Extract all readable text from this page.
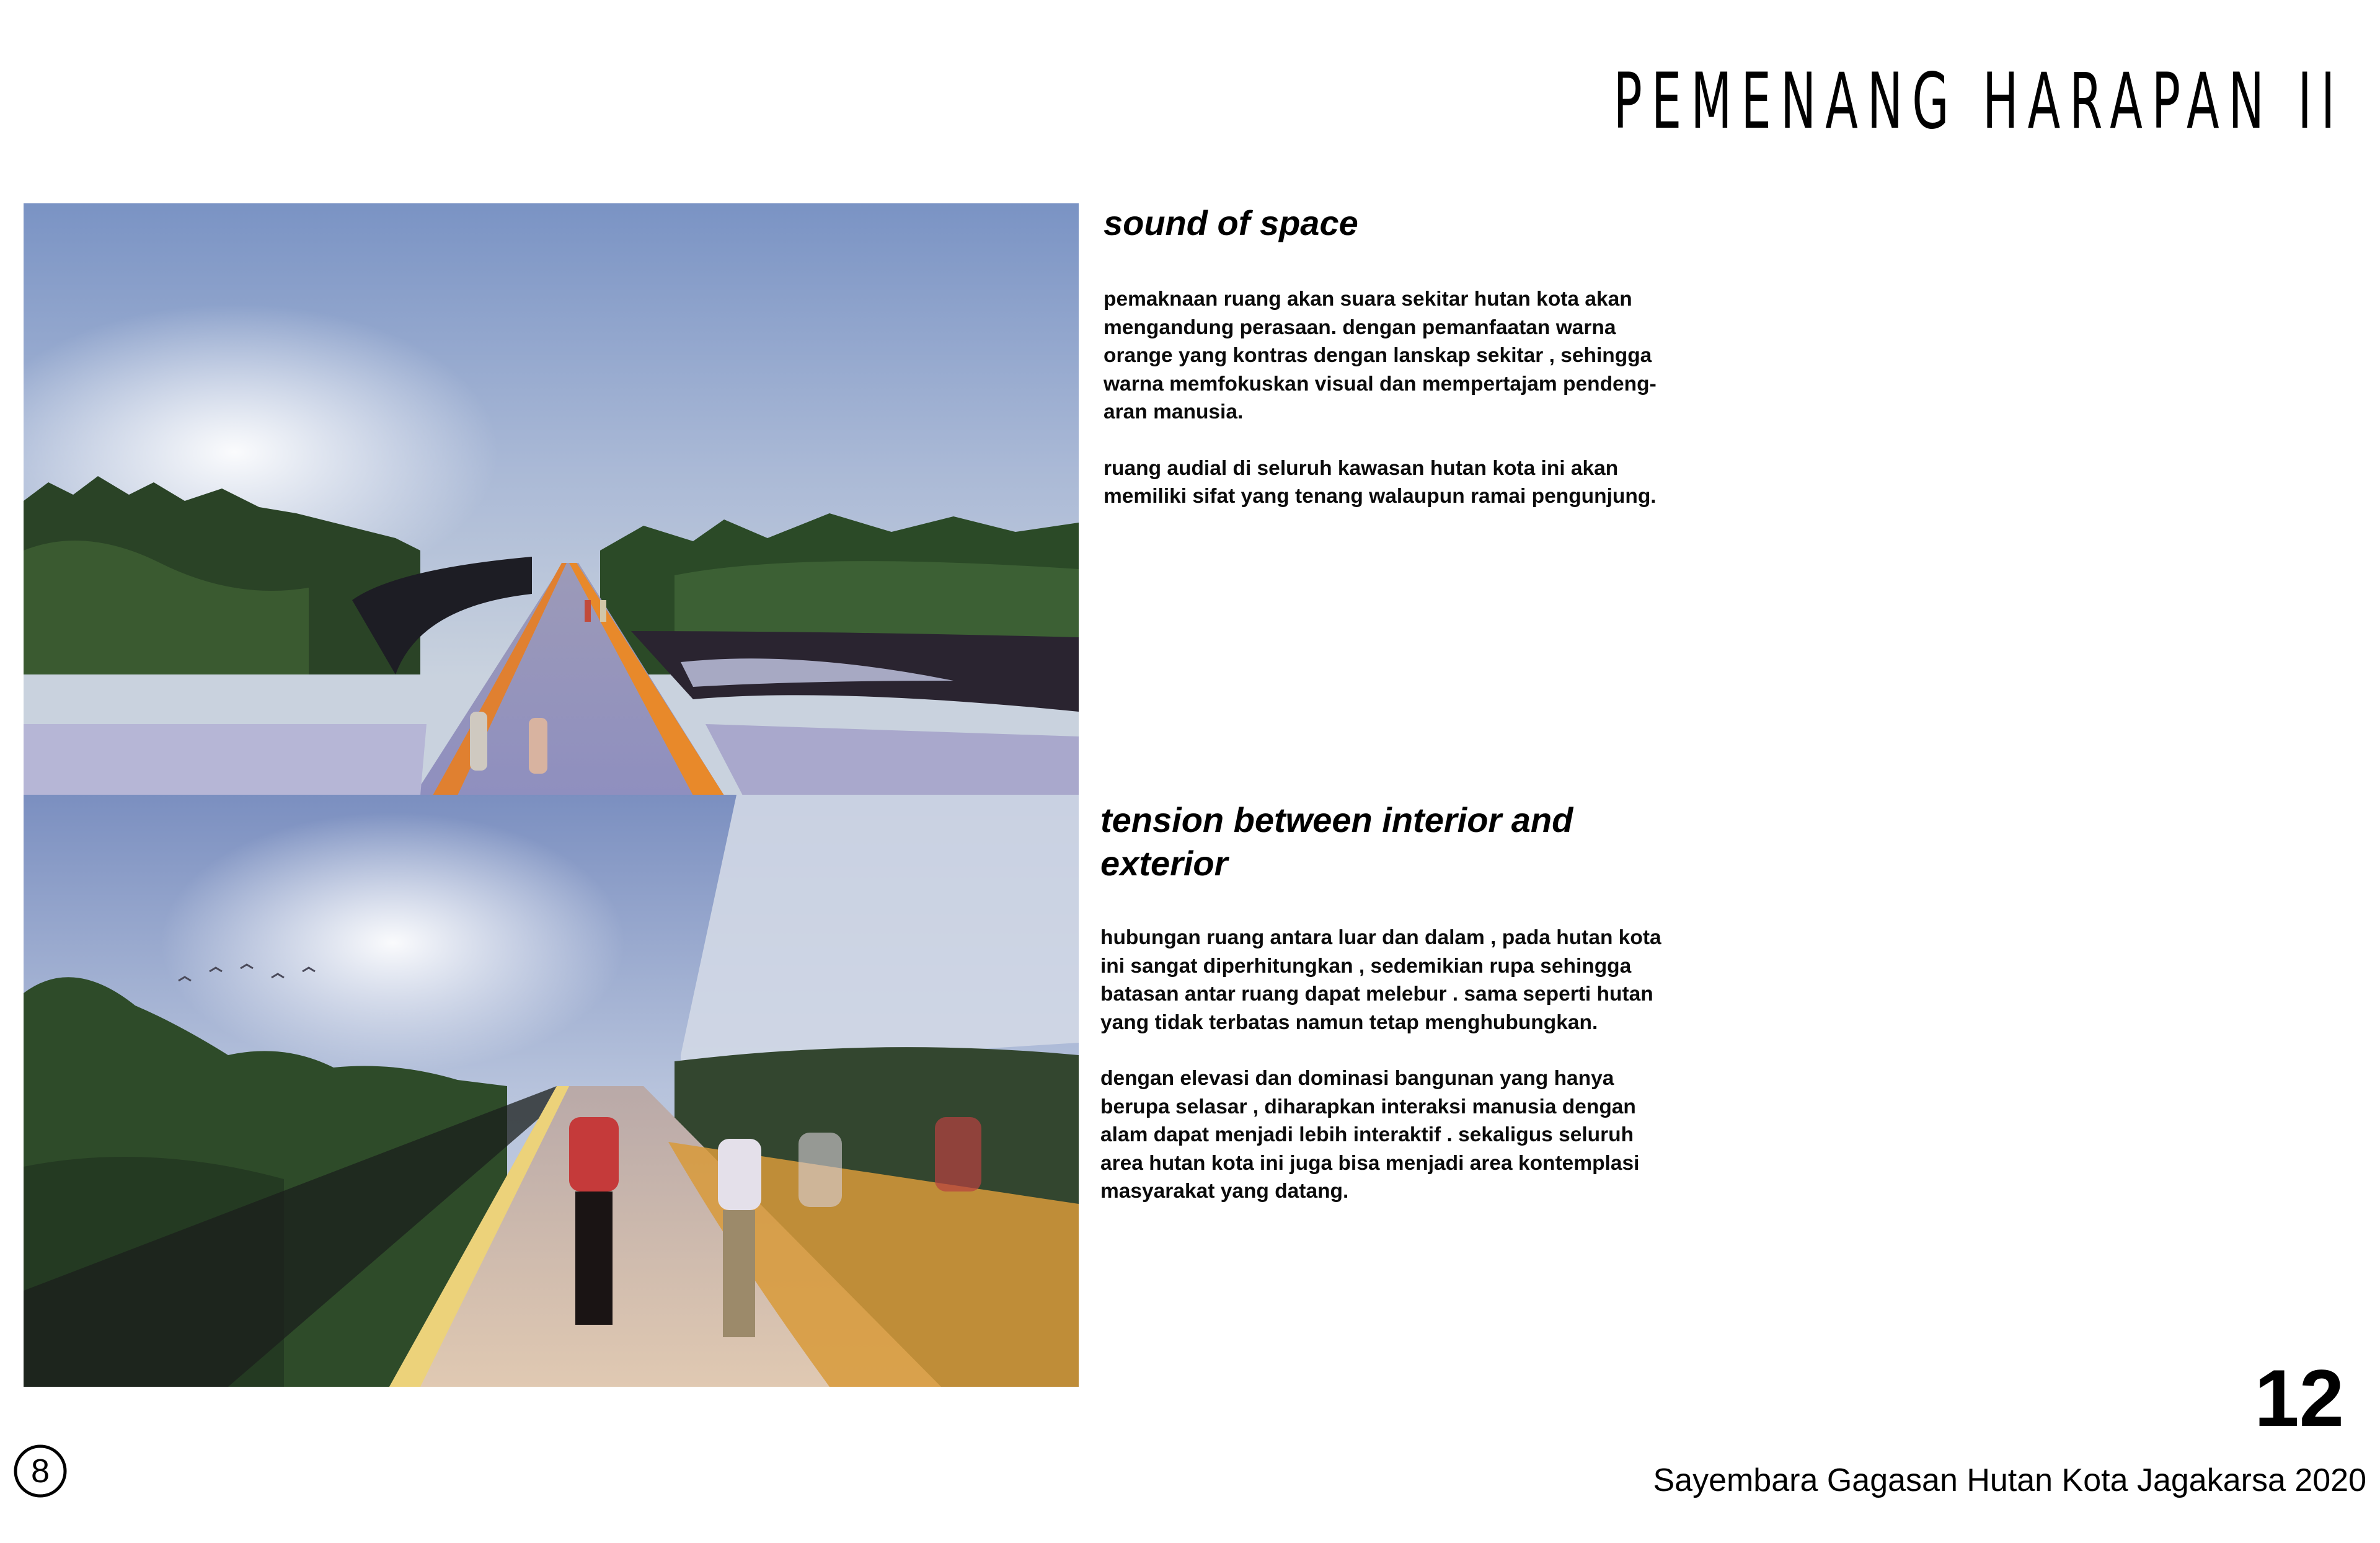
PEMENANG HARAPAN II
sound of space

pemaknaan ruang akan suara sekitar hutan kota akan
mengandung perasaan. dengan pemanfaatan warna
orange yang kontras dengan lanskap sekitar , sehingga
warna memfokuskan visual dan mempertajam pendeng-
aran manusia.

ruang audial di seluruh kawasan hutan kota ini akan
memiliki sifat yang tenang walaupun ramai pengunjung.

tension between interior and
exterior

hubungan ruang antara luar dan dalam , pada hutan kota
ini sangat diperhitungkan , sedemikian rupa sehingga
batasan antar ruang dapat melebur . sama seperti hutan
yang tidak terbatas namun tetap menghubungkan.

dengan elevasi dan dominasi bangunan yang hanya
berupa selasar , diharapkan interaksi manusia dengan
alam dapat menjadi lebih interaktif . sekaligus seluruh
area hutan kota ini juga bisa menjadi area kontemplasi
masyarakat yang datang.

12
Sayembara Gagasan Hutan Kota Jagakarsa 2020
8
